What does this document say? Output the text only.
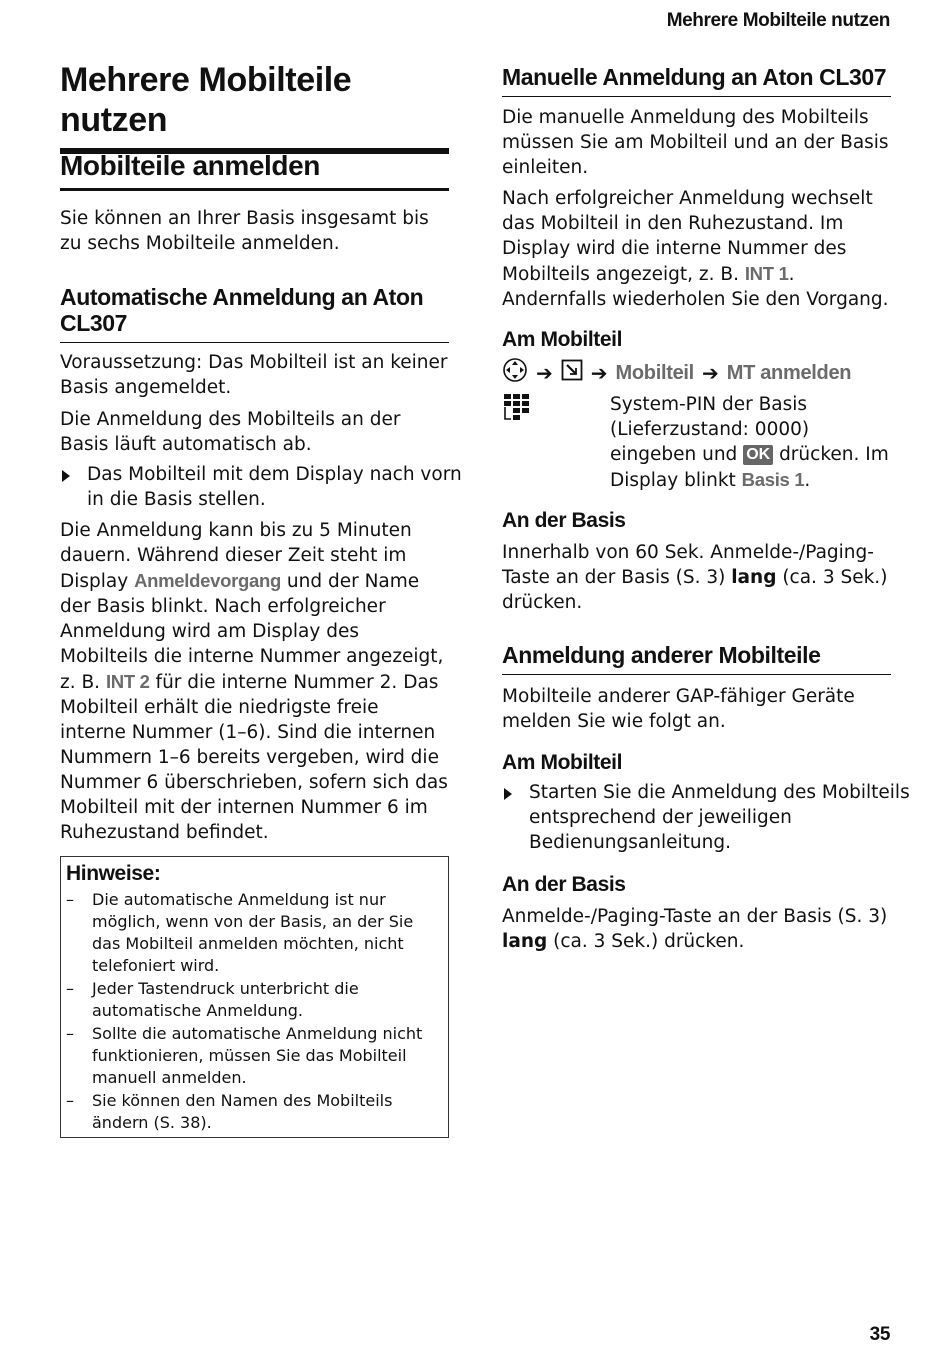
Mehrere Mobilteile nutzen
Mehrere Mobilteile nutzen
Mobilteile anmelden

Sie können an Ihrer Basis insgesamt bis zu sechs Mobilteile anmelden.

Automatische Anmeldung an Aton CL307

Voraussetzung: Das Mobilteil ist an keiner Basis angemeldet.

Die Anmeldung des Mobilteils an der Basis läuft automatisch ab.

Das Mobilteil mit dem Display nach vorn in die Basis stellen.

Die Anmeldung kann bis zu 5 Minuten dauern. Während dieser Zeit steht im Display Anmeldevorgang und der Name der Basis blinkt. Nach erfolgreicher Anmeldung wird am Display des Mobilteils die interne Nummer angezeigt, z. B. INT 2 für die interne Nummer 2. Das Mobilteil erhält die niedrigste freie interne Nummer (1–6). Sind die internen Nummern 1–6 bereits vergeben, wird die Nummer 6 überschrieben, sofern sich das Mobilteil mit der internen Nummer 6 im Ruhezustand befindet.

Hinweise:
– Die automatische Anmeldung ist nur möglich, wenn von der Basis, an der Sie das Mobilteil anmelden möchten, nicht telefoniert wird.
– Jeder Tastendruck unterbricht die automatische Anmeldung.
– Sollte die automatische Anmeldung nicht funktionieren, müssen Sie das Mobilteil manuell anmelden.
– Sie können den Namen des Mobilteils ändern (S. 38).
Manuelle Anmeldung an Aton CL307

Die manuelle Anmeldung des Mobilteils müssen Sie am Mobilteil und an der Basis einleiten.

Nach erfolgreicher Anmeldung wechselt das Mobilteil in den Ruhezustand. Im Display wird die interne Nummer des Mobilteils angezeigt, z. B. INT 1. Andernfalls wiederholen Sie den Vorgang.

Am Mobilteil
➔ ➔ Mobilteil ➔ MT anmelden

System-PIN der Basis (Lieferzustand: 0000) eingeben und OK drücken. Im Display blinkt Basis 1.

An der Basis

Innerhalb von 60 Sek. Anmelde-/Paging-Taste an der Basis (S. 3) lang (ca. 3 Sek.) drücken.

Anmeldung anderer Mobilteile

Mobilteile anderer GAP-fähiger Geräte melden Sie wie folgt an.

Am Mobilteil
Starten Sie die Anmeldung des Mobilteils entsprechend der jeweiligen Bedienungsanleitung.
An der Basis

Anmelde-/Paging-Taste an der Basis (S. 3) lang (ca. 3 Sek.) drücken.

35
